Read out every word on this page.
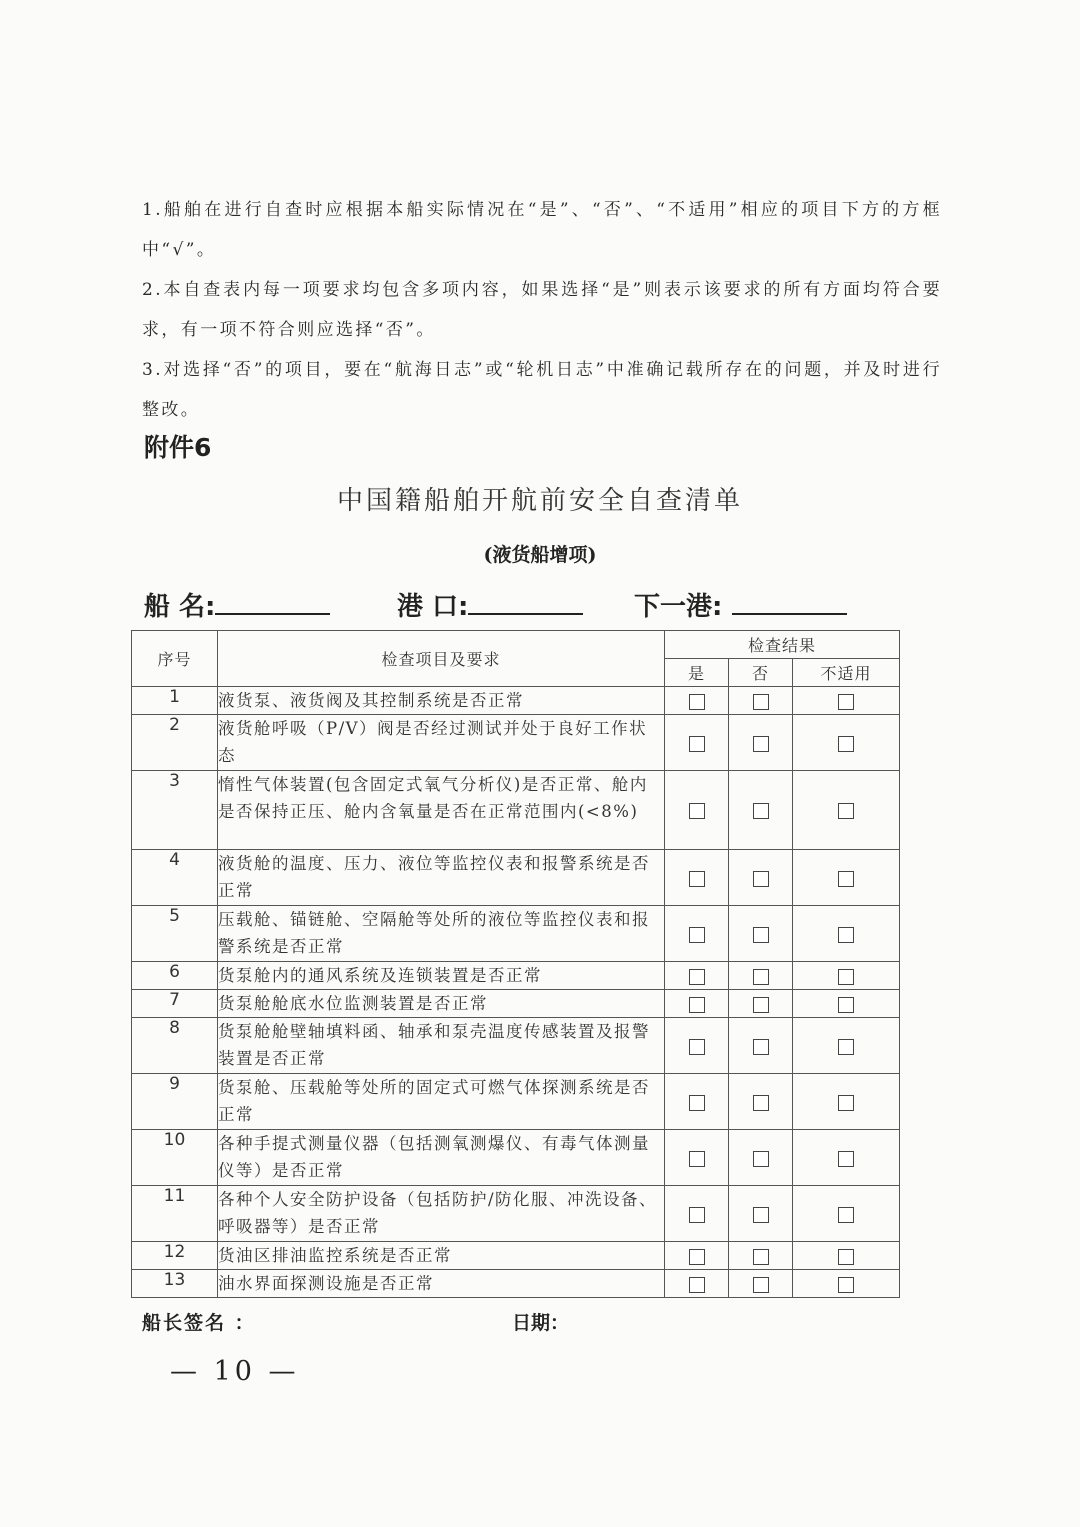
1.船舶在进行自查时应根据本船实际情况在“是”、“否”、“不适用”相应的项目下方的方框中“√”。

2.本自查表内每一项要求均包含多项内容，如果选择“是”则表示该要求的所有方面均符合要求，有一项不符合则应选择“否”。

3.对选择“否”的项目，要在“航海日志”或“轮机日志”中准确记载所存在的问题，并及时进行整改。

附件6
中国籍船舶开航前安全自查清单
(液货船增项)
船 名:	港 口:	下一港:
序号	检查项目及要求	检查结果		
		是	否	不适用
1	液货泵、液货阀及其控制系统是否正常			
2	液货舱呼吸（P/V）阀是否经过测试并处于良好工作状态			
3	惰性气体装置(包含固定式氧气分析仪)是否正常、舱内是否保持正压、舱内含氧量是否在正常范围内(<8%)			
4	液货舱的温度、压力、液位等监控仪表和报警系统是否正常			
5	压载舱、锚链舱、空隔舱等处所的液位等监控仪表和报警系统是否正常			
6	货泵舱内的通风系统及连锁装置是否正常			
7	货泵舱舱底水位监测装置是否正常			
8	货泵舱舱壁轴填料函、轴承和泵壳温度传感装置及报警装置是否正常			
9	货泵舱、压载舱等处所的固定式可燃气体探测系统是否正常			
10	各种手提式测量仪器（包括测氧测爆仪、有毒气体测量仪等）是否正常			
11	各种个人安全防护设备（包括防护/防化服、冲洗设备、呼吸器等）是否正常			
12	货油区排油监控系统是否正常			
13	油水界面探测设施是否正常			
船长签名 ：	日期：
— 10 —
